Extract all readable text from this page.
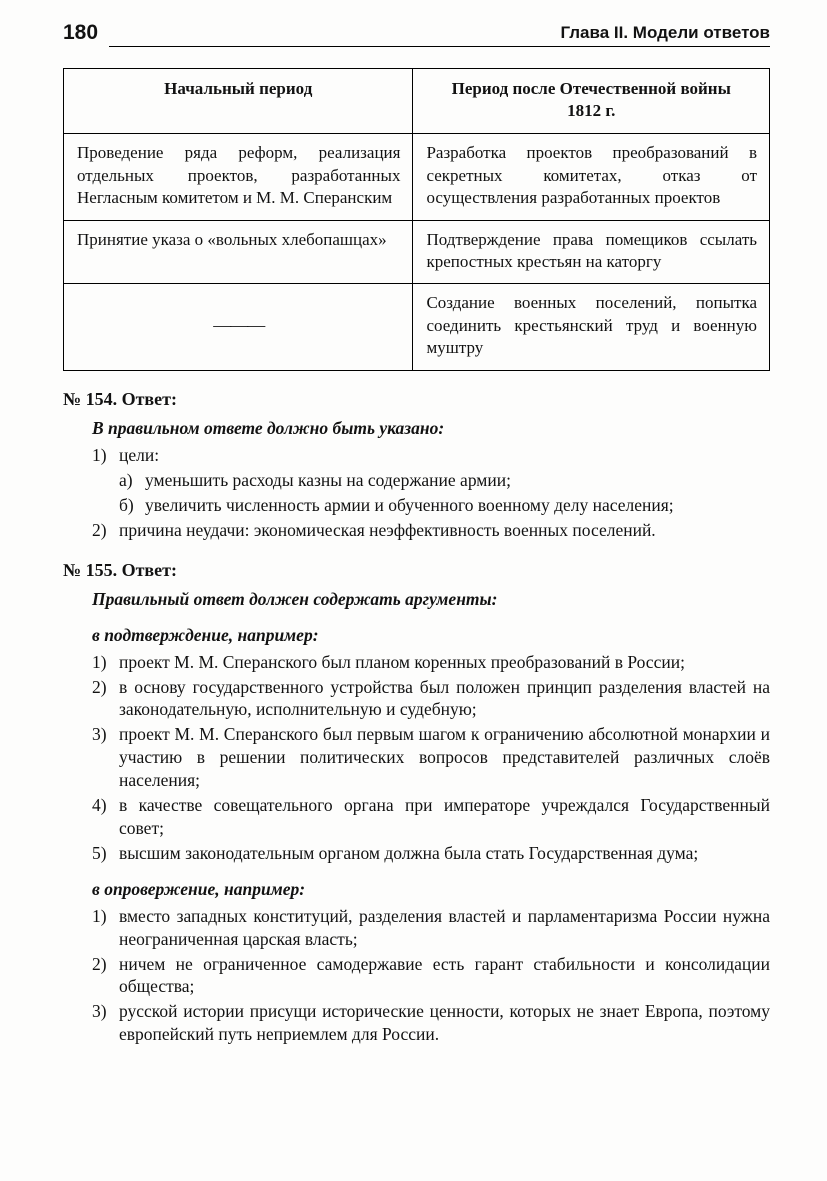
180	Глава II. Модели ответов
Начальный период	Период после Отечественной войны 1812 г.
Проведение ряда реформ, реализация отдельных проектов, разработанных Негласным комитетом и М. М. Сперанским	Разработка проектов преобразований в секретных комитетах, отказ от осуществления разработанных проектов
Принятие указа о «вольных хлебопашцах»	Подтверждение права помещиков ссылать крепостных крестьян на каторгу
———	Создание военных поселений, попытка соединить крестьянский труд и военную муштру
№ 154. Ответ:
В правильном ответе должно быть указано:
1) цели:
а) уменьшить расходы казны на содержание армии;
б) увеличить численность армии и обученного военному делу населения;
2) причина неудачи: экономическая неэффективность военных поселений.
№ 155. Ответ:
Правильный ответ должен содержать аргументы:
в подтверждение, например:
1) проект М. М. Сперанского был планом коренных преобразований в России;
2) в основу государственного устройства был положен принцип разделения властей на законодательную, исполнительную и судебную;
3) проект М. М. Сперанского был первым шагом к ограничению абсолютной монархии и участию в решении политических вопросов представителей различных слоёв населения;
4) в качестве совещательного органа при императоре учреждался Государственный совет;
5) высшим законодательным органом должна была стать Государственная дума;
в опровержение, например:
1) вместо западных конституций, разделения властей и парламентаризма России нужна неограниченная царская власть;
2) ничем не ограниченное самодержавие есть гарант стабильности и консолидации общества;
3) русской истории присущи исторические ценности, которых не знает Европа, поэтому европейский путь неприемлем для России.
